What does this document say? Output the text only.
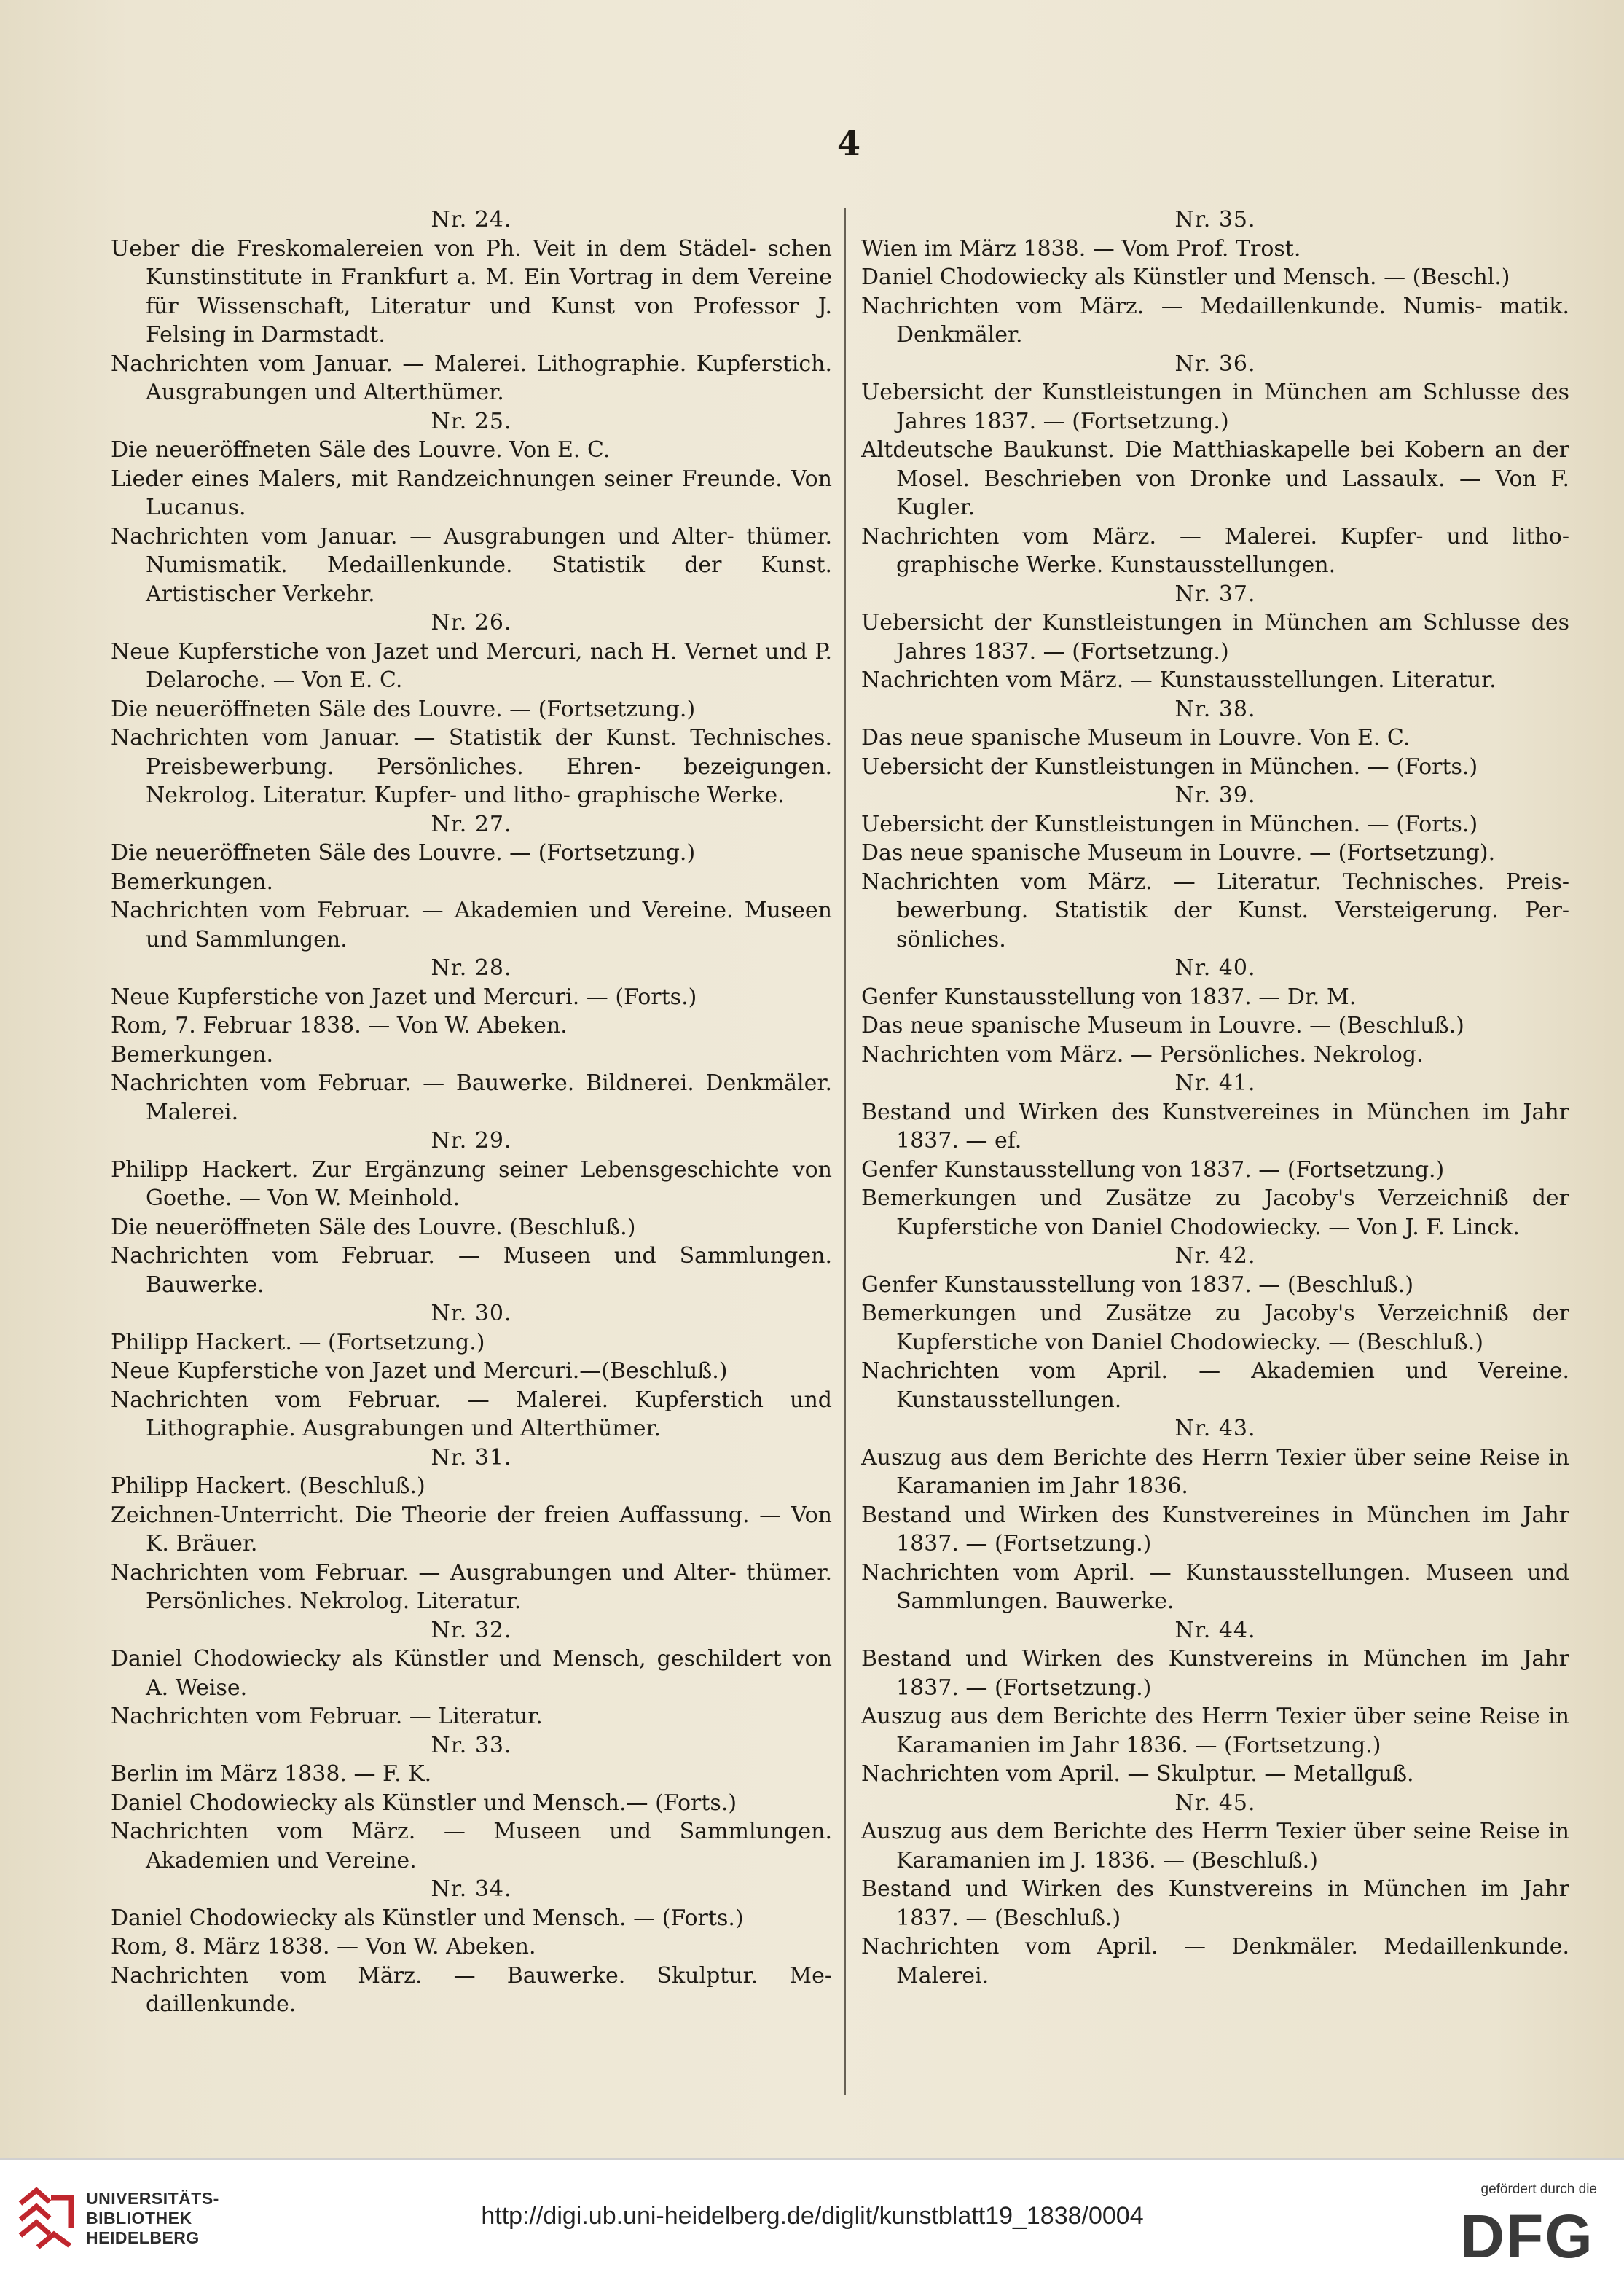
4
Nr. 24.
Ueber die Freskomalereien von Ph. Veit in dem Städel- schen Kunstinstitute in Frankfurt a. M. Ein Vortrag in dem Vereine für Wissenschaft, Literatur und Kunst von Professor J. Felsing in Darmstadt.
Nachrichten vom Januar. — Malerei. Lithographie. Kupferstich. Ausgrabungen und Alterthümer.
Nr. 25.
Die neueröffneten Säle des Louvre. Von E. C.
Lieder eines Malers, mit Randzeichnungen seiner Freunde. Von Lucanus.
Nachrichten vom Januar. — Ausgrabungen und Alter- thümer. Numismatik. Medaillenkunde. Statistik der Kunst. Artistischer Verkehr.
Nr. 26.
Neue Kupferstiche von Jazet und Mercuri, nach H. Vernet und P. Delaroche. — Von E. C.
Die neueröffneten Säle des Louvre. — (Fortsetzung.)
Nachrichten vom Januar. — Statistik der Kunst. Technisches. Preisbewerbung. Persönliches. Ehren- bezeigungen. Nekrolog. Literatur. Kupfer- und litho- graphische Werke.
Nr. 27.
Die neueröffneten Säle des Louvre. — (Fortsetzung.)
Bemerkungen.
Nachrichten vom Februar. — Akademien und Vereine. Museen und Sammlungen.
Nr. 28.
Neue Kupferstiche von Jazet und Mercuri. — (Forts.)
Rom, 7. Februar 1838. — Von W. Abeken.
Bemerkungen.
Nachrichten vom Februar. — Bauwerke. Bildnerei. Denkmäler. Malerei.
Nr. 29.
Philipp Hackert. Zur Ergänzung seiner Lebensgeschichte von Goethe. — Von W. Meinhold.
Die neueröffneten Säle des Louvre. (Beschluß.)
Nachrichten vom Februar. — Museen und Sammlungen. Bauwerke.
Nr. 30.
Philipp Hackert. — (Fortsetzung.)
Neue Kupferstiche von Jazet und Mercuri.—(Beschluß.)
Nachrichten vom Februar. — Malerei. Kupferstich und Lithographie. Ausgrabungen und Alterthümer.
Nr. 31.
Philipp Hackert. (Beschluß.)
Zeichnen-Unterricht. Die Theorie der freien Auffassung. — Von K. Bräuer.
Nachrichten vom Februar. — Ausgrabungen und Alter- thümer. Persönliches. Nekrolog. Literatur.
Nr. 32.
Daniel Chodowiecky als Künstler und Mensch, geschildert von A. Weise.
Nachrichten vom Februar. — Literatur.
Nr. 33.
Berlin im März 1838. — F. K.
Daniel Chodowiecky als Künstler und Mensch.— (Forts.)
Nachrichten vom März. — Museen und Sammlungen. Akademien und Vereine.
Nr. 34.
Daniel Chodowiecky als Künstler und Mensch. — (Forts.)
Rom, 8. März 1838. — Von W. Abeken.
Nachrichten vom März. — Bauwerke. Skulptur. Me- daillenkunde.
Nr. 35.
Wien im März 1838. — Vom Prof. Trost.
Daniel Chodowiecky als Künstler und Mensch. — (Beschl.)
Nachrichten vom März. — Medaillenkunde. Numis- matik. Denkmäler.
Nr. 36.
Uebersicht der Kunstleistungen in München am Schlusse des Jahres 1837. — (Fortsetzung.)
Altdeutsche Baukunst. Die Matthiaskapelle bei Kobern an der Mosel. Beschrieben von Dronke und Lassaulx. — Von F. Kugler.
Nachrichten vom März. — Malerei. Kupfer- und litho- graphische Werke. Kunstausstellungen.
Nr. 37.
Uebersicht der Kunstleistungen in München am Schlusse des Jahres 1837. — (Fortsetzung.)
Nachrichten vom März. — Kunstausstellungen. Literatur.
Nr. 38.
Das neue spanische Museum in Louvre. Von E. C.
Uebersicht der Kunstleistungen in München. — (Forts.)
Nr. 39.
Uebersicht der Kunstleistungen in München. — (Forts.)
Das neue spanische Museum in Louvre. — (Fortsetzung).
Nachrichten vom März. — Literatur. Technisches. Preis- bewerbung. Statistik der Kunst. Versteigerung. Per- sönliches.
Nr. 40.
Genfer Kunstausstellung von 1837. — Dr. M.
Das neue spanische Museum in Louvre. — (Beschluß.)
Nachrichten vom März. — Persönliches. Nekrolog.
Nr. 41.
Bestand und Wirken des Kunstvereines in München im Jahr 1837. — ef.
Genfer Kunstausstellung von 1837. — (Fortsetzung.)
Bemerkungen und Zusätze zu Jacoby's Verzeichniß der Kupferstiche von Daniel Chodowiecky. — Von J. F. Linck.
Nr. 42.
Genfer Kunstausstellung von 1837. — (Beschluß.)
Bemerkungen und Zusätze zu Jacoby's Verzeichniß der Kupferstiche von Daniel Chodowiecky. — (Beschluß.)
Nachrichten vom April. — Akademien und Vereine. Kunstausstellungen.
Nr. 43.
Auszug aus dem Berichte des Herrn Texier über seine Reise in Karamanien im Jahr 1836.
Bestand und Wirken des Kunstvereines in München im Jahr 1837. — (Fortsetzung.)
Nachrichten vom April. — Kunstausstellungen. Museen und Sammlungen. Bauwerke.
Nr. 44.
Bestand und Wirken des Kunstvereins in München im Jahr 1837. — (Fortsetzung.)
Auszug aus dem Berichte des Herrn Texier über seine Reise in Karamanien im Jahr 1836. — (Fortsetzung.)
Nachrichten vom April. — Skulptur. — Metallguß.
Nr. 45.
Auszug aus dem Berichte des Herrn Texier über seine Reise in Karamanien im J. 1836. — (Beschluß.)
Bestand und Wirken des Kunstvereins in München im Jahr 1837. — (Beschluß.)
Nachrichten vom April. — Denkmäler. Medaillenkunde. Malerei.
UNIVERSITÄTS-
BIBLIOTHEK
HEIDELBERG
http://digi.ub.uni-heidelberg.de/diglit/kunstblatt19_1838/0004
gefördert durch die
DFG
